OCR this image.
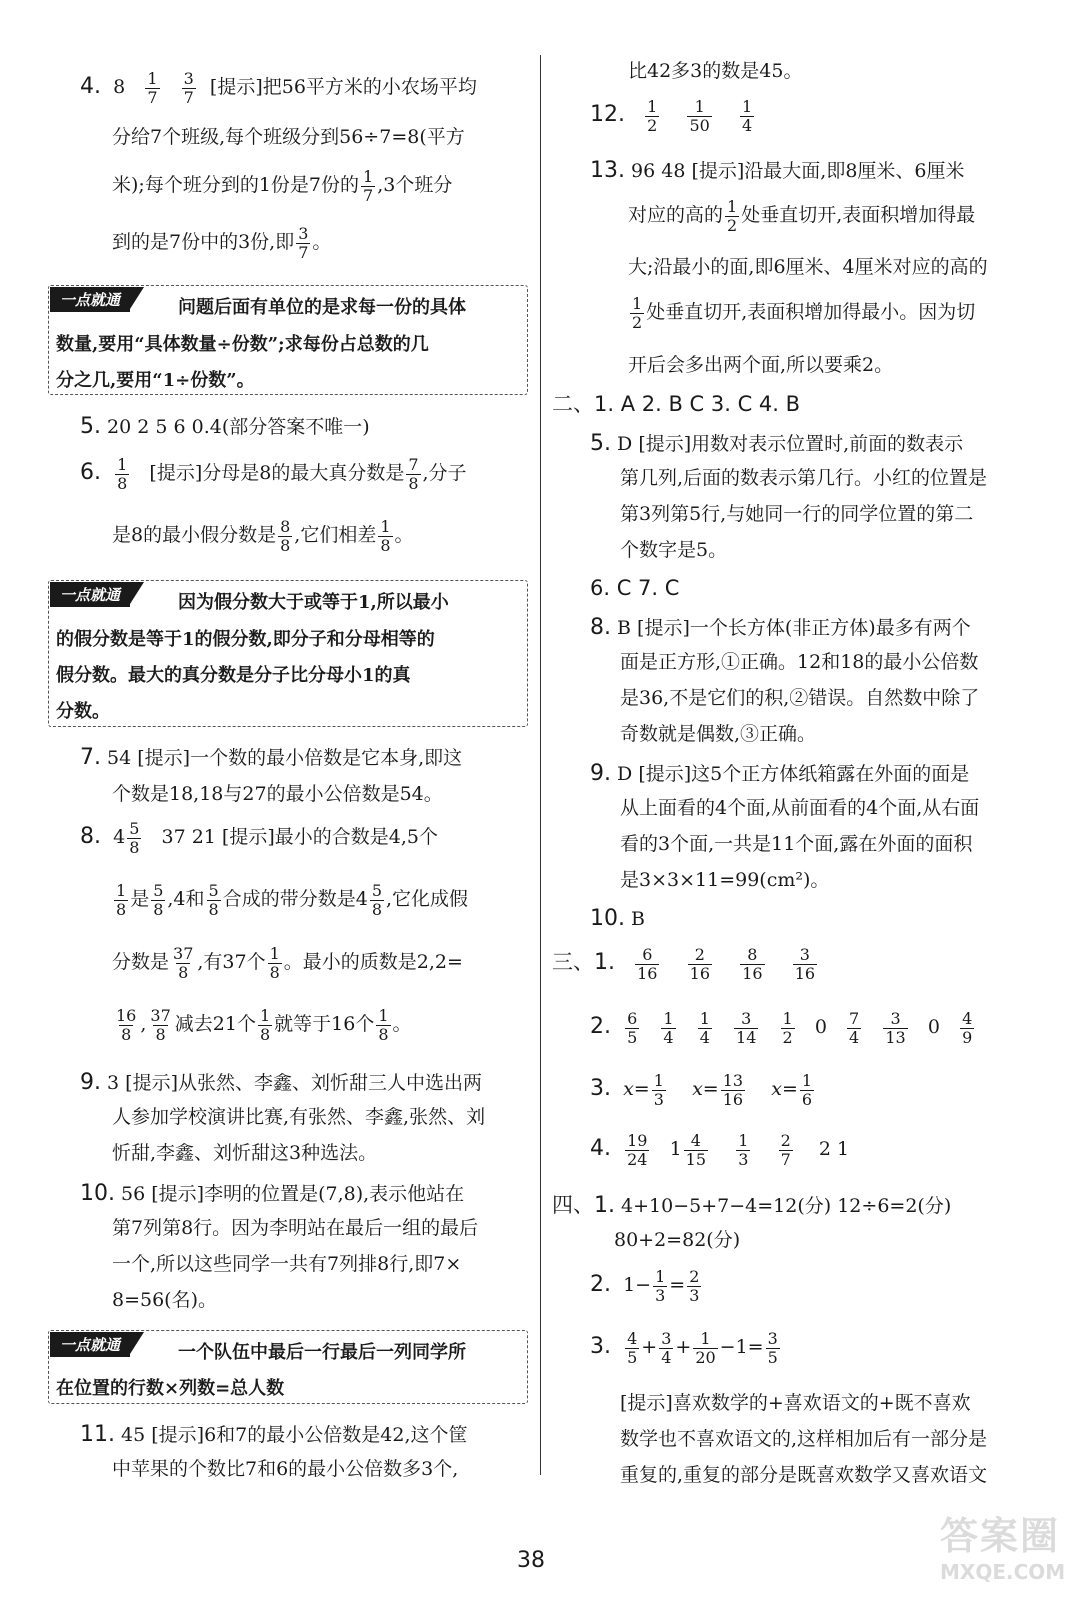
4. $8 \frac{1}{7}$
$\frac{3}{7}$ [提示]把56平方米的小农场平均
分给7个班级,每个班级分到56÷7=8(平方
米);每个班分到的1份是7份的 $\frac{1}{7} ,3$个班分
到的是7份中的3份,即 $\frac{3}{7}$ 。
一点就通	问题后面有单位的是求每一份的具体
数量,要用“具体数量÷份数”;求每份占总数的几
分之几,要用“1÷份数”。
5. 20 2 5 6 0.4(部分答案不唯一)
6. $\frac{1}{8}$ [提示]分母是8的最大真分数是 $\frac{7}{8}$ ,分子
是8的最小假分数是 $\frac{8}{8}$ ,它们相差 $\frac{1}{8}$ 。
一点就通	因为假分数大于或等于1,所以最小
的假分数是等于1的假分数,即分子和分母相等的
假分数。最大的真分数是分子比分母小1的真
分数。
7. 54 [提示]一个数的最小倍数是它本身,即这
个数是18,18与27的最小公倍数是54。
8. $4 \frac{5}{8} 37$ 21 [提示]最小的合数是4,5个
$\frac{1}{8}$ 是 $\frac{5}{8} ,4$和 $\frac{5}{8}$ 合成的带分数是$4 \frac{5}{8}$ ,它化成假
分数是 $\frac{37}{8}$ ,有37个 $\frac{1}{8}$ 。最小的质数是2,2=
$\frac{16}{8}$ , $\frac{37}{8}$ 减去21个 $\frac{1}{8}$ 就等于16个 $\frac{1}{8}$ 。
9. 3 [提示]从张然、李鑫、刘忻甜三人中选出两
人参加学校演讲比赛,有张然、李鑫,张然、刘
忻甜,李鑫、刘忻甜这3种选法。
10. 56 [提示]李明的位置是(7,8),表示他站在
第7列第8行。因为李明站在最后一组的最后
一个,所以这些同学一共有7列排8行,即7×
8=56(名)。
一点就通	一个队伍中最后一行最后一列同学所
在位置的行数×列数=总人数
11. 45 [提示]6和7的最小公倍数是42,这个筐
中苹果的个数比7和6的最小公倍数多3个,
比42多3的数是45。
12. $\frac{1}{2}$
$\frac{1}{50}$
$\frac{1}{4}$
13. 96 48 [提示]沿最大面,即8厘米、6厘米
对应的高的 $\frac{1}{2}$ 处垂直切开,表面积增加得最
大;沿最小的面,即6厘米、4厘米对应的高的
$\frac{1}{2}$ 处垂直切开,表面积增加得最小。因为切
开后会多出两个面,所以要乘2。
二、1. A 2. B C 3. C 4. B
5. D [提示]用数对表示位置时,前面的数表示
第几列,后面的数表示第几行。小红的位置是
第3列第5行,与她同一行的同学位置的第二
个数字是5。
6. C 7. C
8. B [提示]一个长方体(非正方体)最多有两个
面是正方形,①正确。12和18的最小公倍数
是36,不是它们的积,②错误。自然数中除了
奇数就是偶数,③正确。
9. D [提示]这5个正方体纸箱露在外面的面是
从上面看的4个面,从前面看的4个面,从右面
看的3个面,一共是11个面,露在外面的面积
是3×3×11=99(cm²)。
10. B
三、1. $\frac{6}{16}$
$\frac{2}{16}$
$\frac{8}{16}$
$\frac{3}{16}$
2. $\frac{6}{5}$
$\frac{1}{4}$
$\frac{1}{4}$
$\frac{3}{14}$
$\frac{1}{2} 0 \frac{7}{4}$
$\frac{3}{13} 0 \frac{4}{9}$
3. $x= \frac{1}{3} x= \frac{13}{16} x= \frac{1}{6}$
4. $\frac{19}{24} 1 \frac{4}{15}$
$\frac{1}{3}$
$\frac{2}{7} 2$ 1
四、1. 4+10−5+7−4=12(分) 12÷6=2(分)
80+2=82(分)
2. $1- \frac{1}{3} = \frac{2}{3}$
3. $\frac{4}{5} + \frac{3}{4} + \frac{1}{20} -1= \frac{3}{5}$
[提示]喜欢数学的+喜欢语文的+既不喜欢
数学也不喜欢语文的,这样相加后有一部分是
重复的,重复的部分是既喜欢数学又喜欢语文
38
答案圈
MXQE.COM
